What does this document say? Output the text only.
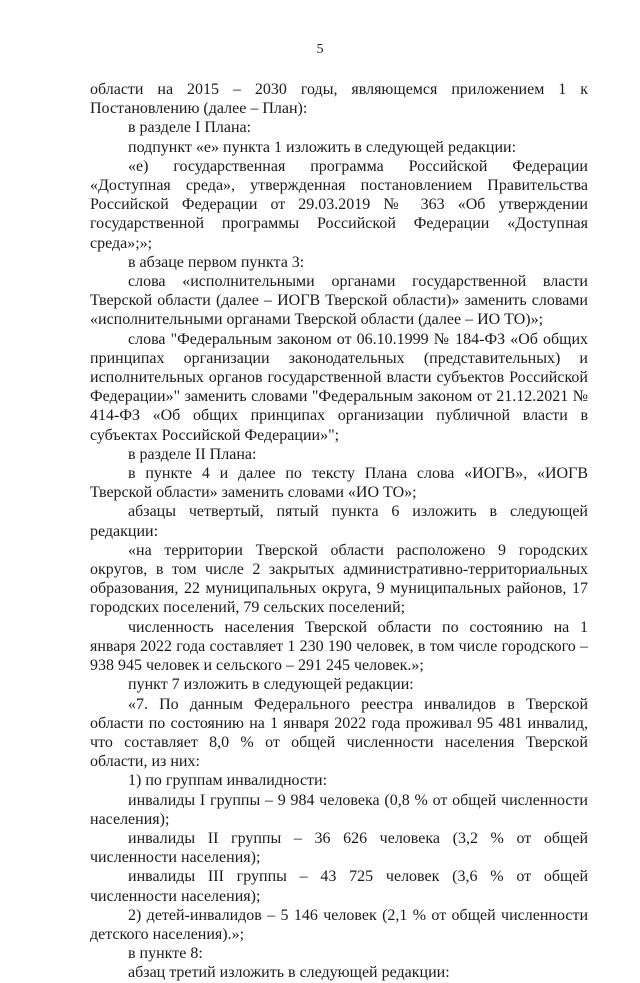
5

области на 2015 – 2030 годы, являющемся приложением 1 к Постановлению (далее – План):

в разделе I Плана:

подпункт «е» пункта 1 изложить в следующей редакции:

«е) государственная программа Российской Федерации «Доступная среда», утвержденная постановлением Правительства Российской Федерации от 29.03.2019 № 363 «Об утверждении государственной программы Российской Федерации «Доступная среда»;»;

в абзаце первом пункта 3:

слова «исполнительными органами государственной власти Тверской области (далее – ИОГВ Тверской области)» заменить словами «исполнительными органами Тверской области (далее – ИО ТО)»;

слова "Федеральным законом от 06.10.1999 № 184-ФЗ «Об общих принципах организации законодательных (представительных) и исполнительных органов государственной власти субъектов Российской Федерации»" заменить словами "Федеральным законом от 21.12.2021 № 414-ФЗ «Об общих принципах организации публичной власти в субъектах Российской Федерации»";

в разделе II Плана:

в пункте 4 и далее по тексту Плана слова «ИОГВ», «ИОГВ Тверской области» заменить словами «ИО ТО»;

абзацы четвертый, пятый пункта 6 изложить в следующей редакции:

«на территории Тверской области расположено 9 городских округов, в том числе 2 закрытых административно-территориальных образования, 22 муниципальных округа, 9 муниципальных районов, 17 городских поселений, 79 сельских поселений;

численность населения Тверской области по состоянию на 1 января 2022 года составляет 1 230 190 человек, в том числе городского – 938 945 человек и сельского – 291 245 человек.»;

пункт 7 изложить в следующей редакции:

«7. По данным Федерального реестра инвалидов в Тверской области по состоянию на 1 января 2022 года проживал 95 481 инвалид, что составляет 8,0 % от общей численности населения Тверской области, из них:

1) по группам инвалидности:

инвалиды I группы – 9 984 человека (0,8 % от общей численности населения);

инвалиды II группы – 36 626 человека (3,2 % от общей численности населения);

инвалиды III группы – 43 725 человек (3,6 % от общей численности населения);

2) детей-инвалидов – 5 146 человек (2,1 % от общей численности детского населения).»;

в пункте 8:

абзац третий изложить в следующей редакции:
